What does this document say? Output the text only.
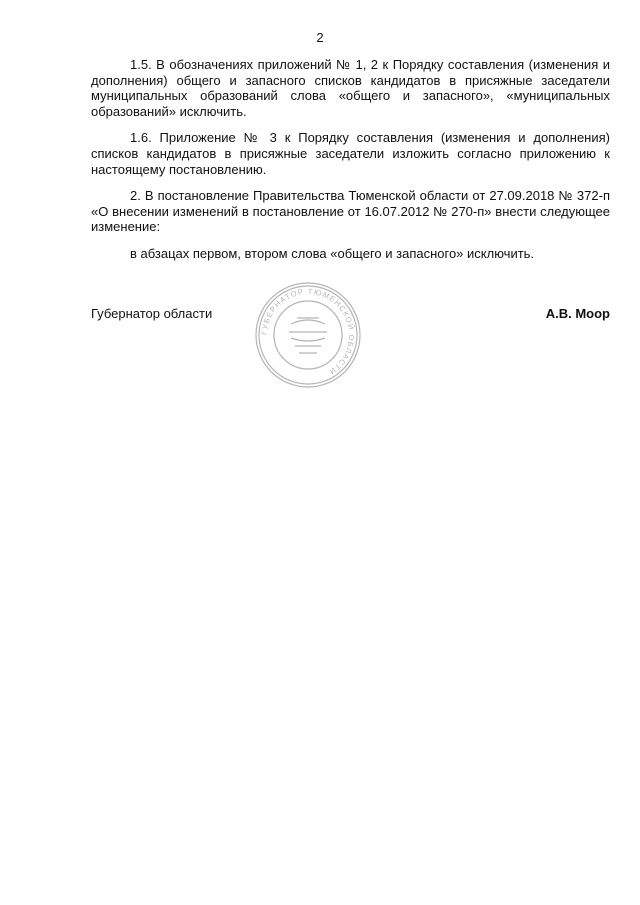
2

1.5. В обозначениях приложений № 1, 2 к Порядку составления (изменения и дополнения) общего и запасного списков кандидатов в присяжные заседатели муниципальных образований слова «общего и запасного», «муниципальных образований» исключить.

1.6. Приложение № 3 к Порядку составления (изменения и дополнения) списков кандидатов в присяжные заседатели изложить согласно приложению к настоящему постановлению.

2. В постановление Правительства Тюменской области от 27.09.2018 № 372-п «О внесении изменений в постановление от 16.07.2012 № 270-п» внести следующее изменение:

в абзацах первом, втором слова «общего и запасного» исключить.

Губернатор области
ГУБЕРНАТОР ТЮМЕНСКОЙ ОБЛАСТИ
А.В. Моор
